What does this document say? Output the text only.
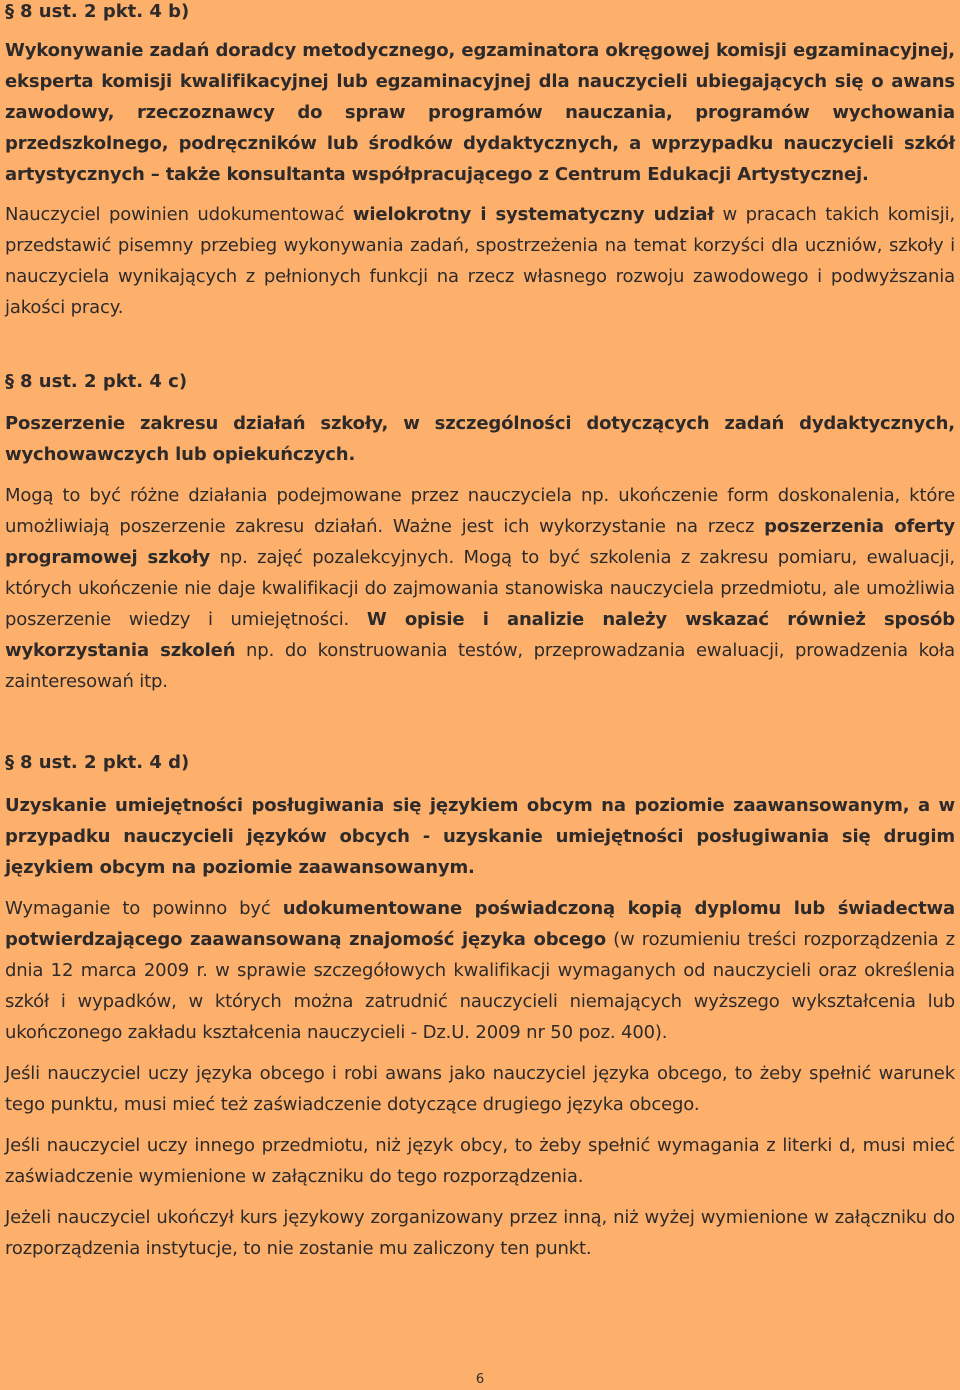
§ 8 ust. 2 pkt. 4 b)

Wykonywanie zadań doradcy metodycznego, egzaminatora okręgowej komisji egzaminacyjnej, eksperta komisji kwalifikacyjnej lub egzaminacyjnej dla nauczycieli ubiegających się o awans zawodowy, rzeczoznawcy do spraw programów nauczania, programów wychowania przedszkolnego, podręczników lub środków dydaktycznych, a wprzypadku nauczycieli szkół artystycznych – także konsultanta współpracującego z Centrum Edukacji Artystycznej.

Nauczyciel powinien udokumentować wielokrotny i systematyczny udział w pracach takich komisji, przedstawić pisemny przebieg wykonywania zadań, spostrzeżenia na temat korzyści dla uczniów, szkoły i nauczyciela wynikających z pełnionych funkcji na rzecz własnego rozwoju zawodowego i podwyższania jakości pracy.

§ 8 ust. 2 pkt. 4 c)

Poszerzenie zakresu działań szkoły, w szczególności dotyczących zadań dydaktycznych, wychowawczych lub opiekuńczych.

Mogą to być różne działania podejmowane przez nauczyciela np. ukończenie form doskonalenia, które umożliwiają poszerzenie zakresu działań. Ważne jest ich wykorzystanie na rzecz poszerzenia oferty programowej szkoły np. zajęć pozalekcyjnych. Mogą to być szkolenia z zakresu pomiaru, ewaluacji, których ukończenie nie daje kwalifikacji do zajmowania stanowiska nauczyciela przedmiotu, ale umożliwia poszerzenie wiedzy i umiejętności. W opisie i analizie należy wskazać również sposób wykorzystania szkoleń np. do konstruowania testów, przeprowadzania ewaluacji, prowadzenia koła zainteresowań itp.

§ 8 ust. 2 pkt. 4 d)

Uzyskanie umiejętności posługiwania się językiem obcym na poziomie zaawansowanym, a w przypadku nauczycieli języków obcych - uzyskanie umiejętności posługiwania się drugim językiem obcym na poziomie zaawansowanym.

Wymaganie to powinno być udokumentowane poświadczoną kopią dyplomu lub świadectwa potwierdzającego zaawansowaną znajomość języka obcego (w rozumieniu treści rozporządzenia z dnia 12 marca 2009 r. w sprawie szczegółowych kwalifikacji wymaganych od nauczycieli oraz określenia szkół i wypadków, w których można zatrudnić nauczycieli niemających wyższego wykształcenia lub ukończonego zakładu kształcenia nauczycieli - Dz.U. 2009 nr 50 poz. 400).

Jeśli nauczyciel uczy języka obcego i robi awans jako nauczyciel języka obcego, to żeby spełnić warunek tego punktu, musi mieć też zaświadczenie dotyczące drugiego języka obcego.

Jeśli nauczyciel uczy innego przedmiotu, niż język obcy, to żeby spełnić wymagania z literki d, musi mieć zaświadczenie wymienione w załączniku do tego rozporządzenia.

Jeżeli nauczyciel ukończył kurs językowy zorganizowany przez inną, niż wyżej wymienione w załączniku do rozporządzenia instytucje, to nie zostanie mu zaliczony ten punkt.

6
